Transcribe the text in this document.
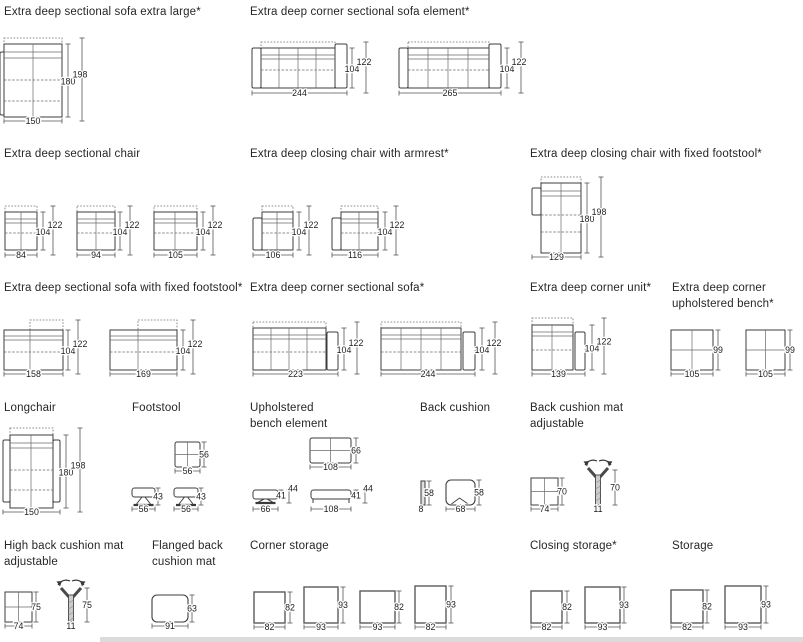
Extra deep sectional sofa extra large*	Extra deep corner sectional sofa element*
Extra deep sectional chair	Extra deep closing chair with armrest*	Extra deep closing chair with fixed footstool*
Extra deep sectional sofa with fixed footstool* Extra deep corner sectional sofa*	Extra deep corner unit* Extra deep corner upholstered bench*
Longchair	Footstool	Upholstered bench element
Back cushion	Back cushion mat adjustable
High back cushion mat adjustable
Flanged back cushion mat
Corner storage	Closing storage*	Storage
150
180
198
244
104
122
265
104
122
84
104
122
94
104
122
105
104
122
106
104
122
116
104
122
129
180
198
158
104
122
169
104
122
223
104
122
244
104
122
139
104
122
105
99
105
99
150
180
198
56
56
56
43
56
43
108
66
66
41
44
108
41
44
8
58
68
58
74
70
11
70
74
75
11
75
91
63
82
82
93
93
93
82
82
93
82
82
93
93
82
82
93
93
